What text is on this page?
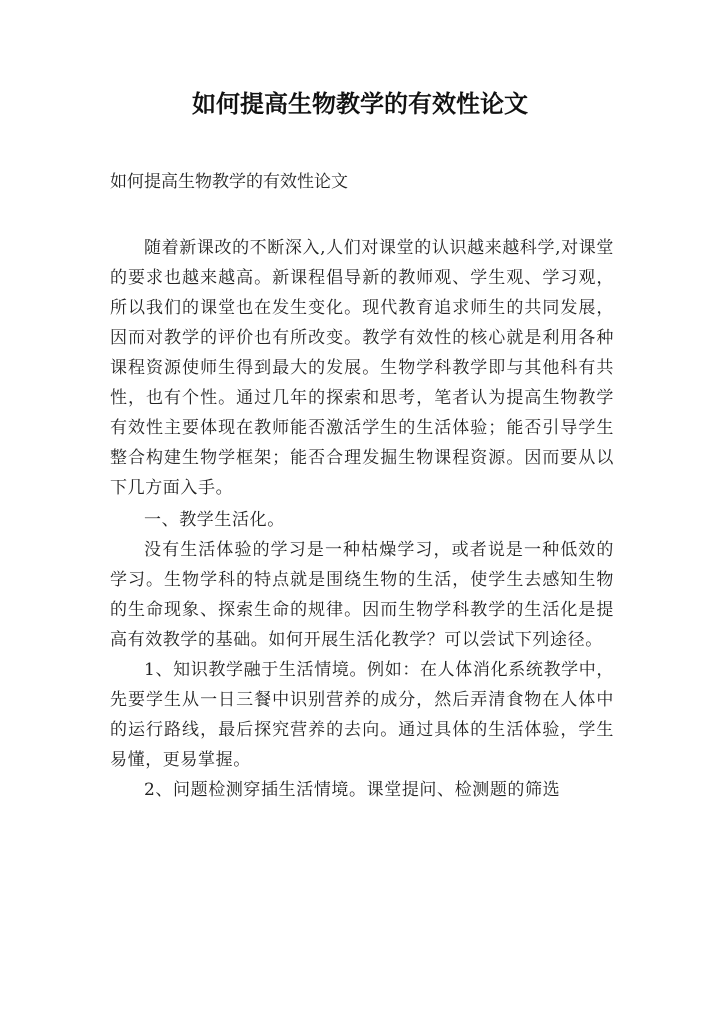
如何提高生物教学的有效性论文

如何提高生物教学的有效性论文

随着新课改的不断深入,人们对课堂的认识越来越科学,对课堂的要求也越来越高。新课程倡导新的教师观、学生观、学习观，所以我们的课堂也在发生变化。现代教育追求师生的共同发展，因而对教学的评价也有所改变。教学有效性的核心就是利用各种课程资源使师生得到最大的发展。生物学科教学即与其他科有共性，也有个性。通过几年的探索和思考，笔者认为提高生物教学有效性主要体现在教师能否激活学生的生活体验；能否引导学生整合构建生物学框架；能否合理发掘生物课程资源。因而要从以下几方面入手。

一、教学生活化。

没有生活体验的学习是一种枯燥学习，或者说是一种低效的学习。生物学科的特点就是围绕生物的生活，使学生去感知生物的生命现象、探索生命的规律。因而生物学科教学的生活化是提高有效教学的基础。如何开展生活化教学？可以尝试下列途径。

1、知识教学融于生活情境。例如：在人体消化系统教学中，先要学生从一日三餐中识别营养的成分，然后弄清食物在人体中的运行路线，最后探究营养的去向。通过具体的生活体验，学生易懂，更易掌握。

2、问题检测穿插生活情境。课堂提问、检测题的筛选
